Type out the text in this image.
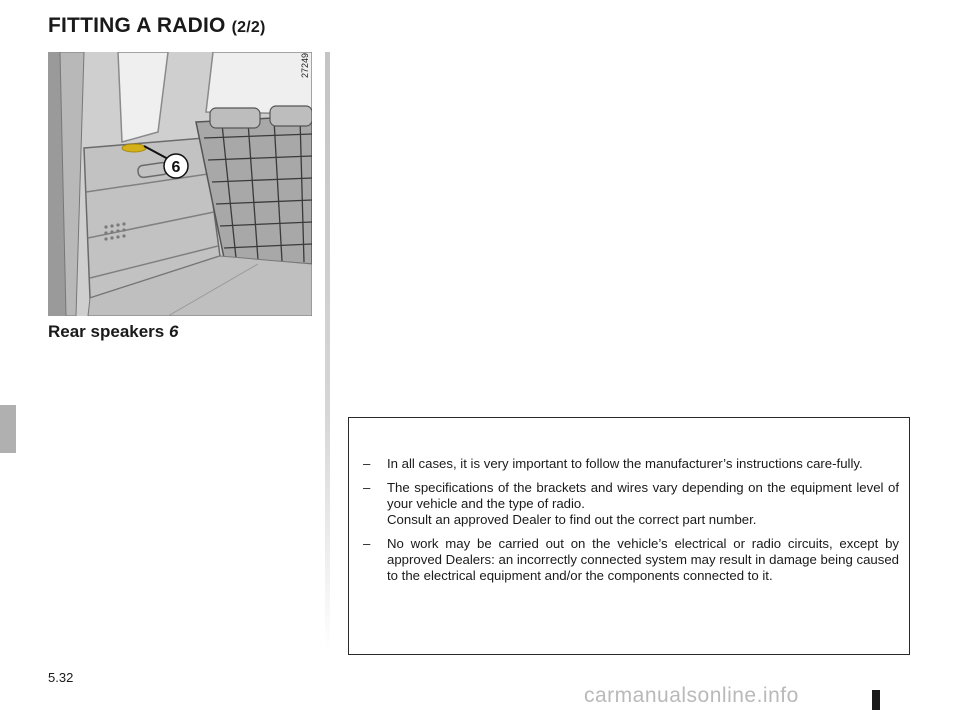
FITTING A RADIO (2/2)
6
27249

Rear speakers 6

– In all cases, it is very important to follow the manufacturer’s instructions care-fully.
– The specifications of the brackets and wires vary depending on the equipment level of your vehicle and the type of radio.
Consult an approved Dealer to find out the correct part number.
– No work may be carried out on the vehicle’s electrical or radio circuits, except by approved Dealers: an incorrectly connected system may result in damage being caused to the electrical equipment and/or the components connected to it.
5.32
carmanualsonline.info
